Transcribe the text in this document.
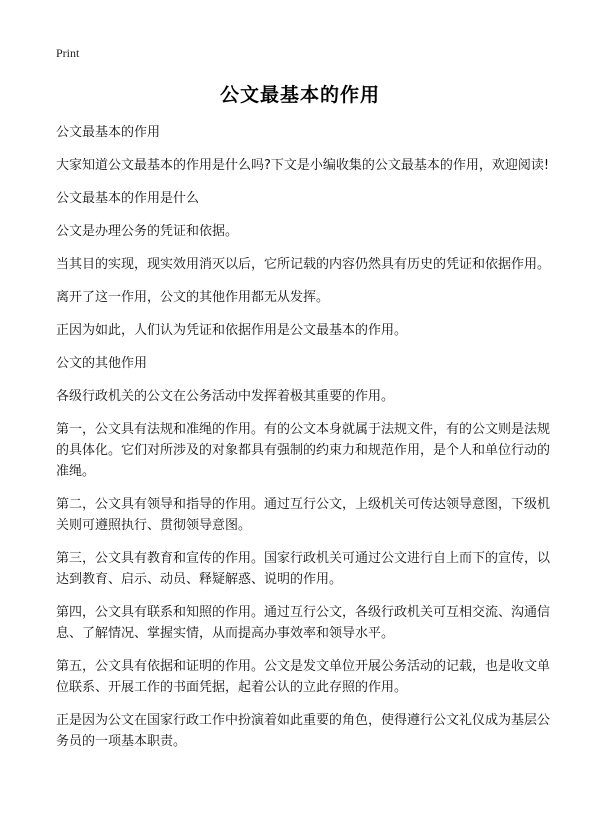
Print
公文最基本的作用

公文最基本的作用

大家知道公文最基本的作用是什么吗?下文是小编收集的公文最基本的作用，欢迎阅读!

公文最基本的作用是什么

公文是办理公务的凭证和依据。

当其目的实现，现实效用消灭以后，它所记载的内容仍然具有历史的凭证和依据作用。

离开了这一作用，公文的其他作用都无从发挥。

正因为如此，人们认为凭证和依据作用是公文最基本的作用。

公文的其他作用

各级行政机关的公文在公务活动中发挥着极其重要的作用。

第一，公文具有法规和准绳的作用。有的公文本身就属于法规文件，有的公文则是法规的具体化。它们对所涉及的对象都具有强制的约束力和规范作用，是个人和单位行动的准绳。

第二，公文具有领导和指导的作用。通过互行公文，上级机关可传达领导意图，下级机关则可遵照执行、贯彻领导意图。

第三，公文具有教育和宣传的作用。国家行政机关可通过公文进行自上而下的宣传，以达到教育、启示、动员、释疑解惑、说明的作用。

第四，公文具有联系和知照的作用。通过互行公文，各级行政机关可互相交流、沟通信息、了解情况、掌握实情，从而提高办事效率和领导水平。

第五，公文具有依据和证明的作用。公文是发文单位开展公务活动的记载，也是收文单位联系、开展工作的书面凭据，起着公认的立此存照的作用。

正是因为公文在国家行政工作中扮演着如此重要的角色，使得遵行公文礼仪成为基层公务员的一项基本职责。
